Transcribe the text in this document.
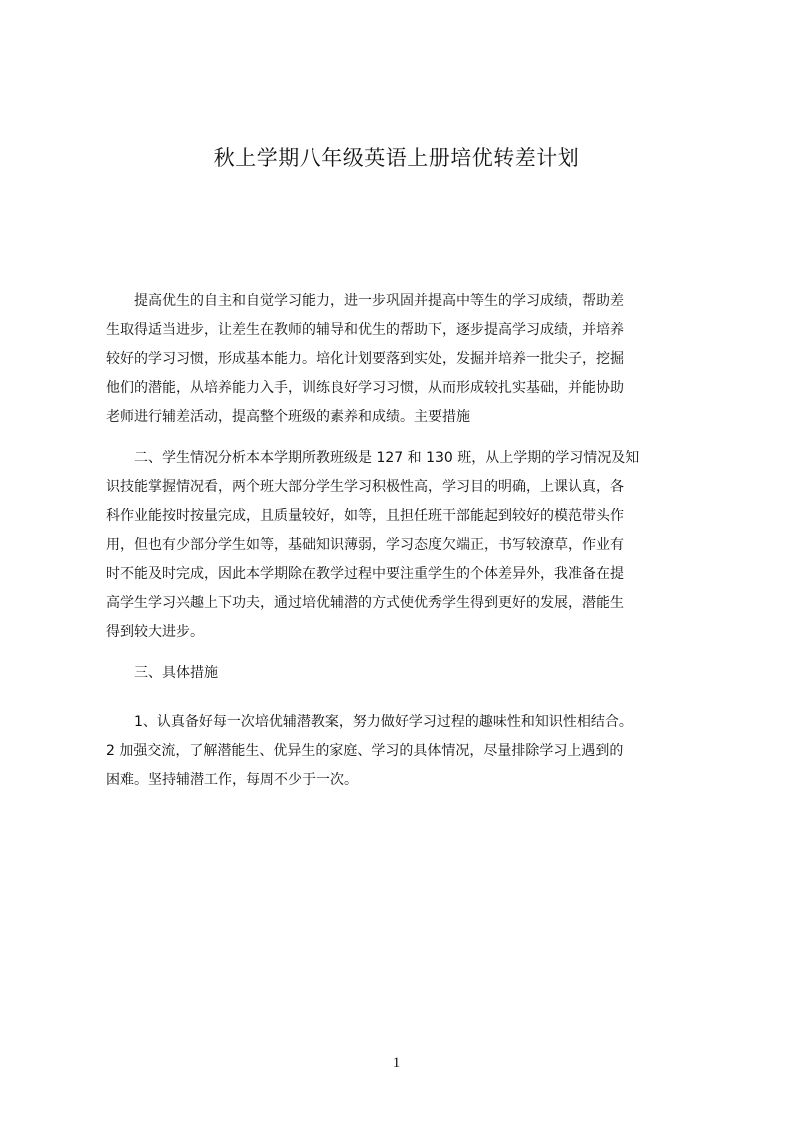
秋上学期八年级英语上册培优转差计划
　　提高优生的自主和自觉学习能力，进一步巩固并提高中等生的学习成绩，帮助差
生取得适当进步，让差生在教师的辅导和优生的帮助下，逐步提高学习成绩，并培养
较好的学习习惯，形成基本能力。培化计划要落到实处，发掘并培养一批尖子，挖掘
他们的潜能，从培养能力入手，训练良好学习习惯，从而形成较扎实基础，并能协助
老师进行辅差活动，提高整个班级的素养和成绩。主要措施
　　二、学生情况分析本本学期所教班级是 127 和 130 班，从上学期的学习情况及知
识技能掌握情况看，两个班大部分学生学习积极性高，学习目的明确，上课认真，各
科作业能按时按量完成，且质量较好，如等，且担任班干部能起到较好的模范带头作
用，但也有少部分学生如等，基础知识薄弱，学习态度欠端正，书写较潦草，作业有
时不能及时完成，因此本学期除在教学过程中要注重学生的个体差异外，我准备在提
高学生学习兴趣上下功夫，通过培优辅潜的方式使优秀学生得到更好的发展，潜能生
得到较大进步。
　　三、具体措施
　　1、认真备好每一次培优辅潜教案，努力做好学习过程的趣味性和知识性相结合。
2 加强交流，了解潜能生、优异生的家庭、学习的具体情况，尽量排除学习上遇到的
困难。坚持辅潜工作，每周不少于一次。
1
